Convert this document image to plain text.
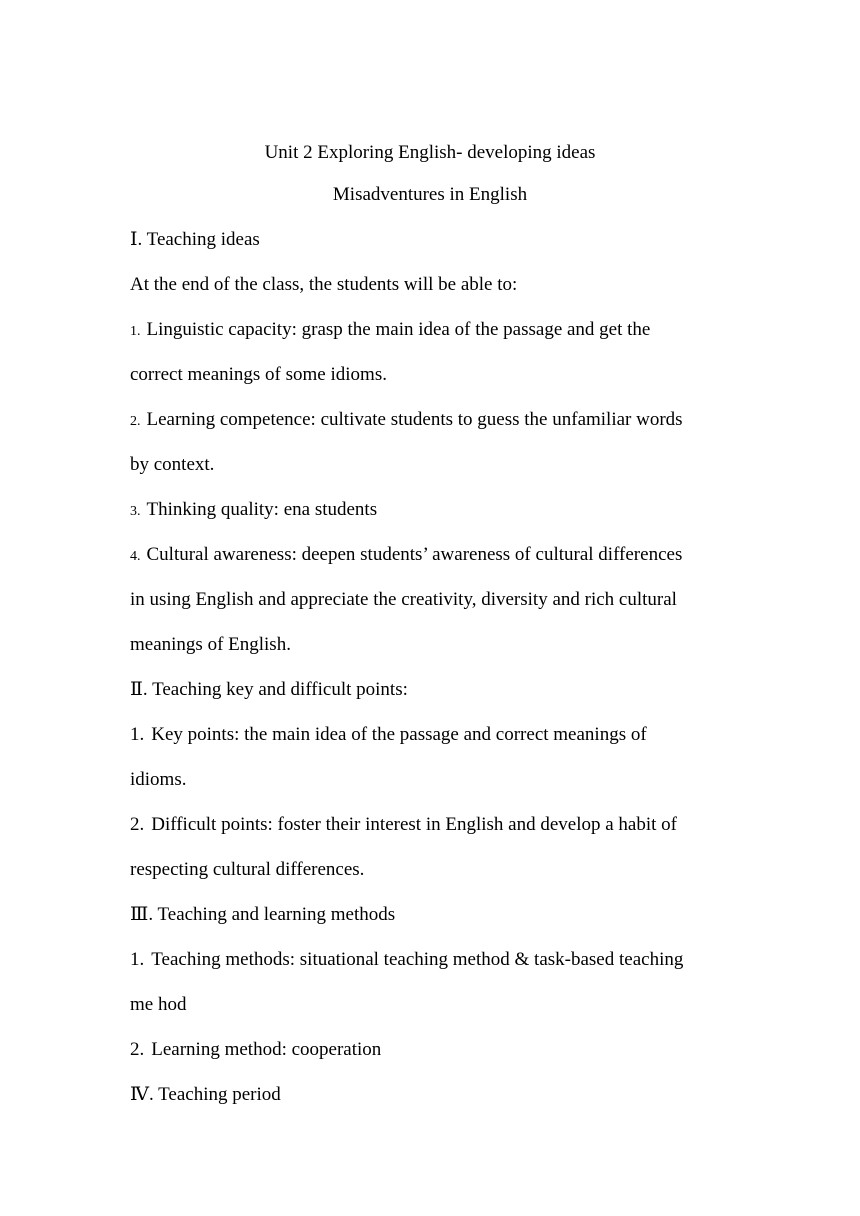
Unit 2 Exploring English- developing ideas
Misadventures in English
Ⅰ. Teaching ideas
At the end of the class, the students will be able to:
1. Linguistic capacity: grasp the main idea of the passage and get the
correct meanings of some idioms.
2. Learning competence: cultivate students to guess the unfamiliar words
by context.
3. Thinking quality: ena students
4. Cultural awareness: deepen students’ awareness of cultural differences
in using English and appreciate the creativity, diversity and rich cultural
meanings of English.
Ⅱ. Teaching key and difficult points:
1. Key points: the main idea of the passage and correct meanings of
idioms.
2. Difficult points: foster their interest in English and develop a habit of
respecting cultural differences.
Ⅲ. Teaching and learning methods
1. Teaching methods: situational teaching method & task-based teaching
me hod
2. Learning method: cooperation
Ⅳ. Teaching period
